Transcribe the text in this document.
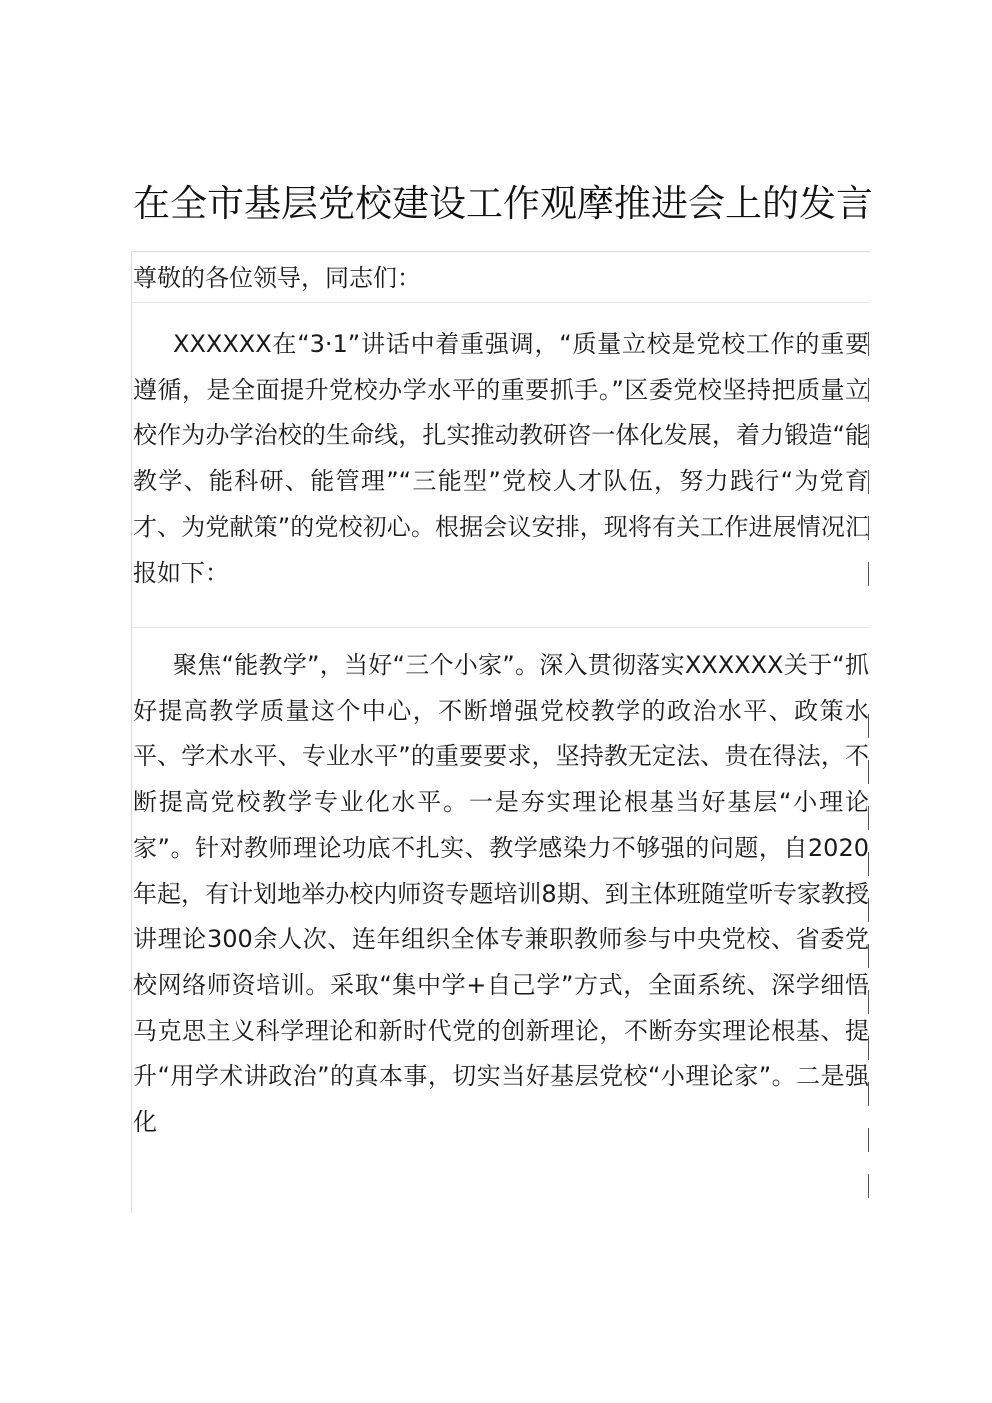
在全市基层党校建设工作观摩推进会上的发言
尊敬的各位领导，同志们：
XXXXXX在“3·1”讲话中着重强调，“质量立校是党校工作的重要遵循，是全面提升党校办学水平的重要抓手。”区委党校坚持把质量立校作为办学治校的生命线，扎实推动教研咨一体化发展，着力锻造“能教学、能科研、能管理”“三能型”党校人才队伍，努力践行“为党育才、为党献策”的党校初心。根据会议安排，现将有关工作进展情况汇报如下：
聚焦“能教学”，当好“三个小家”。深入贯彻落实XXXXXX关于“抓好提高教学质量这个中心，不断增强党校教学的政治水平、政策水平、学术水平、专业水平”的重要要求，坚持教无定法、贵在得法，不断提高党校教学专业化水平。一是夯实理论根基当好基层“小理论家”。针对教师理论功底不扎实、教学感染力不够强的问题，自2020年起，有计划地举办校内师资专题培训8期、到主体班随堂听专家教授讲理论300余人次、连年组织全体专兼职教师参与中央党校、省委党校网络师资培训。采取“集中学+自己学”方式，全面系统、深学细悟马克思主义科学理论和新时代党的创新理论，不断夯实理论根基、提升“用学术讲政治”的真本事，切实当好基层党校“小理论家”。二是强化
